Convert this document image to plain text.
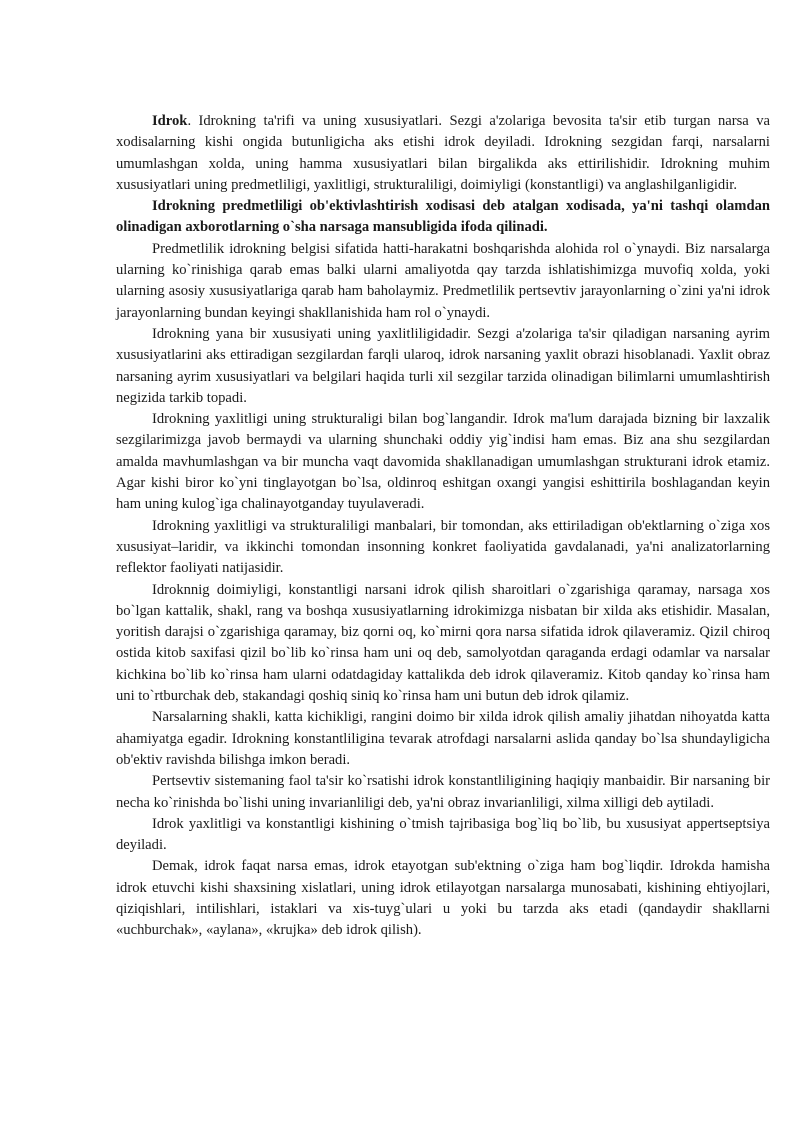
Idrok. Idrokning ta'rifi va uning xususiyatlari. Sezgi a'zolariga bevosita ta'sir etib turgan narsa va xodisalarning kishi ongida butunligicha aks etishi idrok deyiladi. Idrokning sezgidan farqi, narsalarni umumlashgan xolda, uning hamma xususiyatlari bilan birgalikda aks ettirilishidir. Idrokning muhim xususiyatlari uning predmetliligi, yaxlitligi, strukturaliligi, doimiyligi (konstantligi) va anglashilganligidir.

Idrokning predmetliligi ob'ektivlashtirish xodisasi deb atalgan xodisada, ya'ni tashqi olamdan olinadigan axborotlarning o`sha narsaga mansubligida ifoda qilinadi.

Predmetlilik idrokning belgisi sifatida hatti-harakatni boshqarishda alohida rol o`ynaydi. Biz narsalarga ularning ko`rinishiga qarab emas balki ularni amaliyotda qay tarzda ishlatishimizga muvofiq xolda, yoki ularning asosiy xususiyatlariga qarab ham baholaymiz. Predmetlilik pertsevtiv jarayonlarning o`zini ya'ni idrok jarayonlarning bundan keyingi shakllanishida ham rol o`ynaydi.

Idrokning yana bir xususiyati uning yaxlitliligidadir. Sezgi a'zolariga ta'sir qiladigan narsaning ayrim xususiyatlarini aks ettiradigan sezgilardan farqli ularoq, idrok narsaning yaxlit obrazi hisoblanadi. Yaxlit obraz narsaning ayrim xususiyatlari va belgilari haqida turli xil sezgilar tarzida olinadigan bilimlarni umumlashtirish negizida tarkib topadi.

Idrokning yaxlitligi uning strukturaligi bilan bog`langandir. Idrok ma'lum darajada bizning bir laxzalik sezgilarimizga javob bermaydi va ularning shunchaki oddiy yig`indisi ham emas. Biz ana shu sezgilardan amalda mavhumlashgan va bir muncha vaqt davomida shakllanadigan umumlashgan strukturani idrok etamiz. Agar kishi biror ko`yni tinglayotgan bo`lsa, oldinroq eshitgan oxangi yangisi eshittirila boshlagandan keyin ham uning kulog`iga chalinayotganday tuyulaveradi.

Idrokning yaxlitligi va strukturaliligi manbalari, bir tomondan, aks ettiriladigan ob'ektlarning o`ziga xos xususiyat–laridir, va ikkinchi tomondan insonning konkret faoliyatida gavdalanadi, ya'ni analizatorlarning reflektor faoliyati natijasidir.

Idroknnig doimiyligi, konstantligi narsani idrok qilish sharoitlari o`zgarishiga qaramay, narsaga xos bo`lgan kattalik, shakl, rang va boshqa xususiyatlarning idrokimizga nisbatan bir xilda aks etishidir. Masalan, yoritish darajsi o`zgarishiga qaramay, biz qorni oq, ko`mirni qora narsa sifatida idrok qilaveramiz. Qizil chiroq ostida kitob saxifasi qizil bo`lib ko`rinsa ham uni oq deb, samolyotdan qaraganda erdagi odamlar va narsalar kichkina bo`lib ko`rinsa ham ularni odatdagiday kattalikda deb idrok qilaveramiz. Kitob qanday ko`rinsa ham uni to`rtburchak deb, stakandagi qoshiq siniq ko`rinsa ham uni butun deb idrok qilamiz.

Narsalarning shakli, katta kichikligi, rangini doimo bir xilda idrok qilish amaliy jihatdan nihoyatda katta ahamiyatga egadir. Idrokning konstantliligina tevarak atrofdagi narsalarni aslida qanday bo`lsa shundayligicha ob'ektiv ravishda bilishga imkon beradi.

Pertsevtiv sistemaning faol ta'sir ko`rsatishi idrok konstantliligining haqiqiy manbaidir. Bir narsaning bir necha ko`rinishda bo`lishi uning invarianliligi deb, ya'ni obraz invarianliligi, xilma xilligi deb aytiladi.

Idrok yaxlitligi va konstantligi kishining o`tmish tajribasiga bog`liq bo`lib, bu xususiyat appertseptsiya deyiladi.

Demak, idrok faqat narsa emas, idrok etayotgan sub'ektning o`ziga ham bog`liqdir. Idrokda hamisha idrok etuvchi kishi shaxsining xislatlari, uning idrok etilayotgan narsalarga munosabati, kishining ehtiyojlari, qiziqishlari, intilishlari, istaklari va xis-tuyg`ulari u yoki bu tarzda aks etadi (qandaydir shakllarni «uchburchak», «aylana», «krujka» deb idrok qilish).
